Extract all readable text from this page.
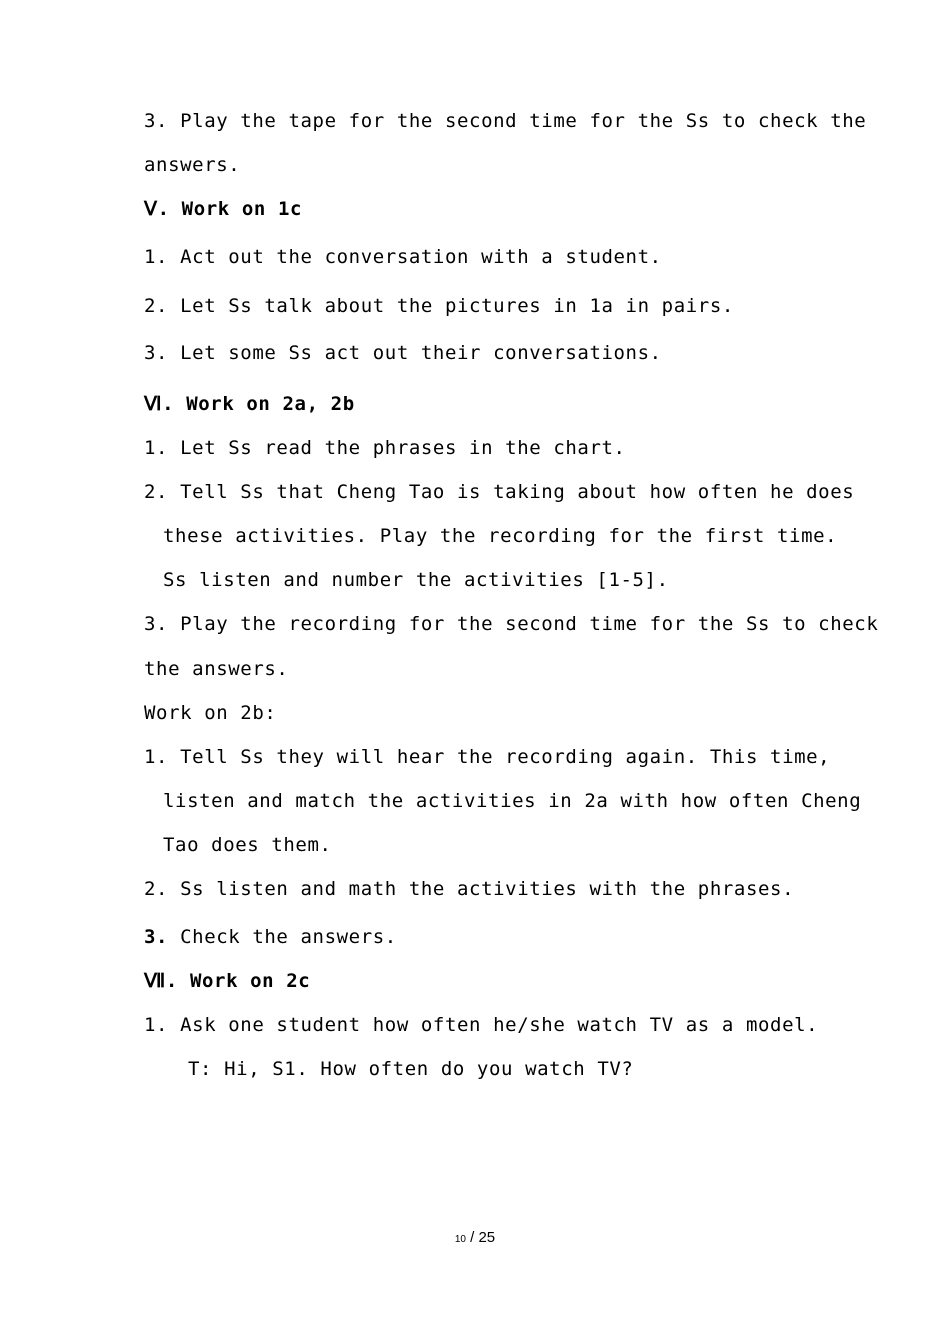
3. Play the tape for the second time for the Ss to check the
answers.
Ⅴ. Work on 1c
1. Act out the conversation with a student.
2. Let Ss talk about the pictures in 1a in pairs.
3. Let some Ss act out their conversations.
Ⅵ. Work on 2a, 2b
1. Let Ss read the phrases in the chart.
2. Tell Ss that Cheng Tao is taking about how often he does
these activities. Play the recording for the first time.
Ss listen and number the activities [1-5].
3. Play the recording for the second time for the Ss to check
the answers.
Work on 2b:
1. Tell Ss they will hear the recording again. This time,
listen and match the activities in 2a with how often Cheng
Tao does them.
2. Ss listen and math the activities with the phrases.
3. Check the answers.
Ⅶ. Work on 2c
1. Ask one student how often he/she watch TV as a model.
T: Hi, S1. How often do you watch TV?
10 / 25
